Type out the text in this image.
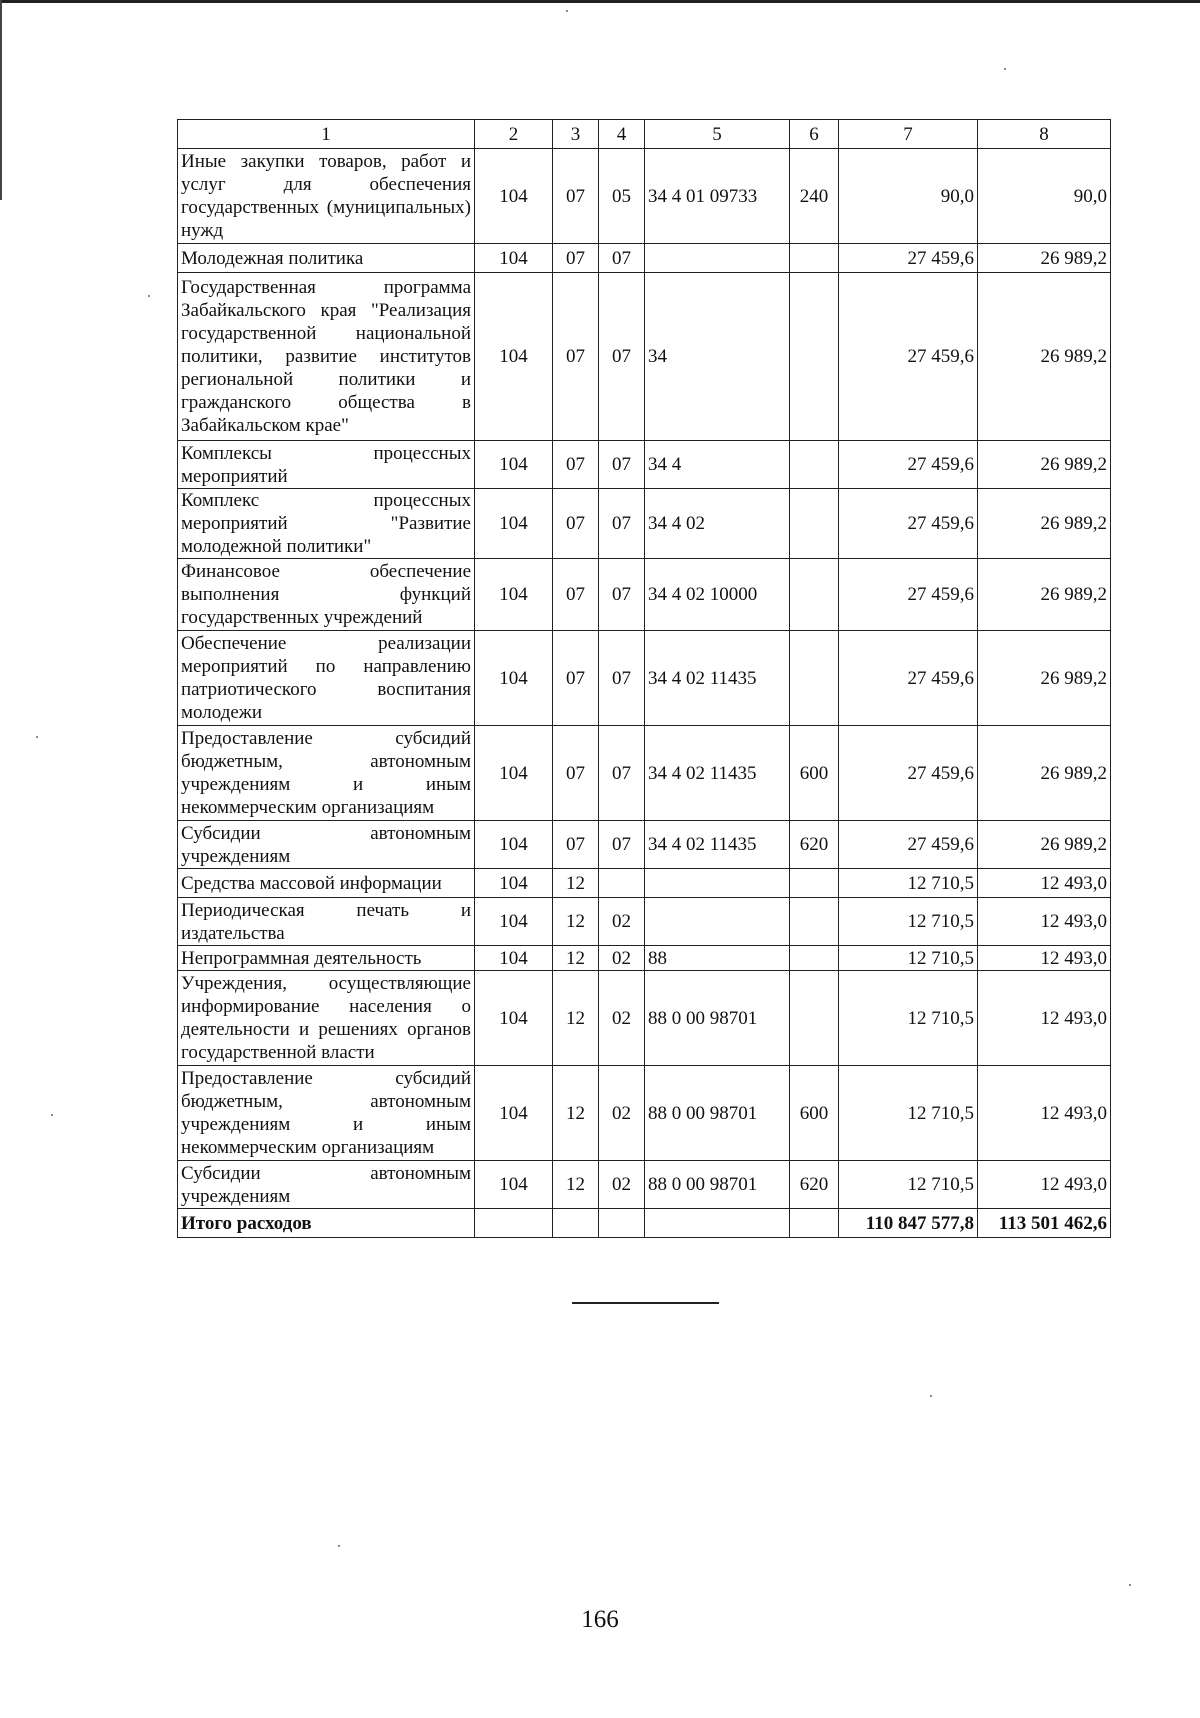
1	2	3	4	5	6	7	8
Иные закупки товаров, работ и услуг для обеспечения государственных (муниципальных) нужд	104	07	05	34 4 01 09733	240	90,0	90,0
Молодежная политика	104	07	07			27 459,6	26 989,2
Государственная программа Забайкальского края "Реализация государственной национальной политики, развитие институтов региональной политики и гражданского общества в Забайкальском крае"	104	07	07	34		27 459,6	26 989,2
Комплексы процессных мероприятий	104	07	07	34 4		27 459,6	26 989,2
Комплекс процессных мероприятий "Развитие молодежной политики"	104	07	07	34 4 02		27 459,6	26 989,2
Финансовое обеспечение выполнения функций государственных учреждений	104	07	07	34 4 02 10000		27 459,6	26 989,2
Обеспечение реализации мероприятий по направлению патриотического воспитания молодежи	104	07	07	34 4 02 11435		27 459,6	26 989,2
Предоставление субсидий бюджетным, автономным учреждениям и иным некоммерческим организациям	104	07	07	34 4 02 11435	600	27 459,6	26 989,2
Субсидии автономным учреждениям	104	07	07	34 4 02 11435	620	27 459,6	26 989,2
Средства массовой информации	104	12				12 710,5	12 493,0
Периодическая печать и издательства	104	12	02			12 710,5	12 493,0
Непрограммная деятельность	104	12	02	88		12 710,5	12 493,0
Учреждения, осуществляющие информирование населения о деятельности и решениях органов государственной власти	104	12	02	88 0 00 98701		12 710,5	12 493,0
Предоставление субсидий бюджетным, автономным учреждениям и иным некоммерческим организациям	104	12	02	88 0 00 98701	600	12 710,5	12 493,0
Субсидии автономным учреждениям	104	12	02	88 0 00 98701	620	12 710,5	12 493,0
Итого расходов						110 847 577,8	113 501 462,6
166
